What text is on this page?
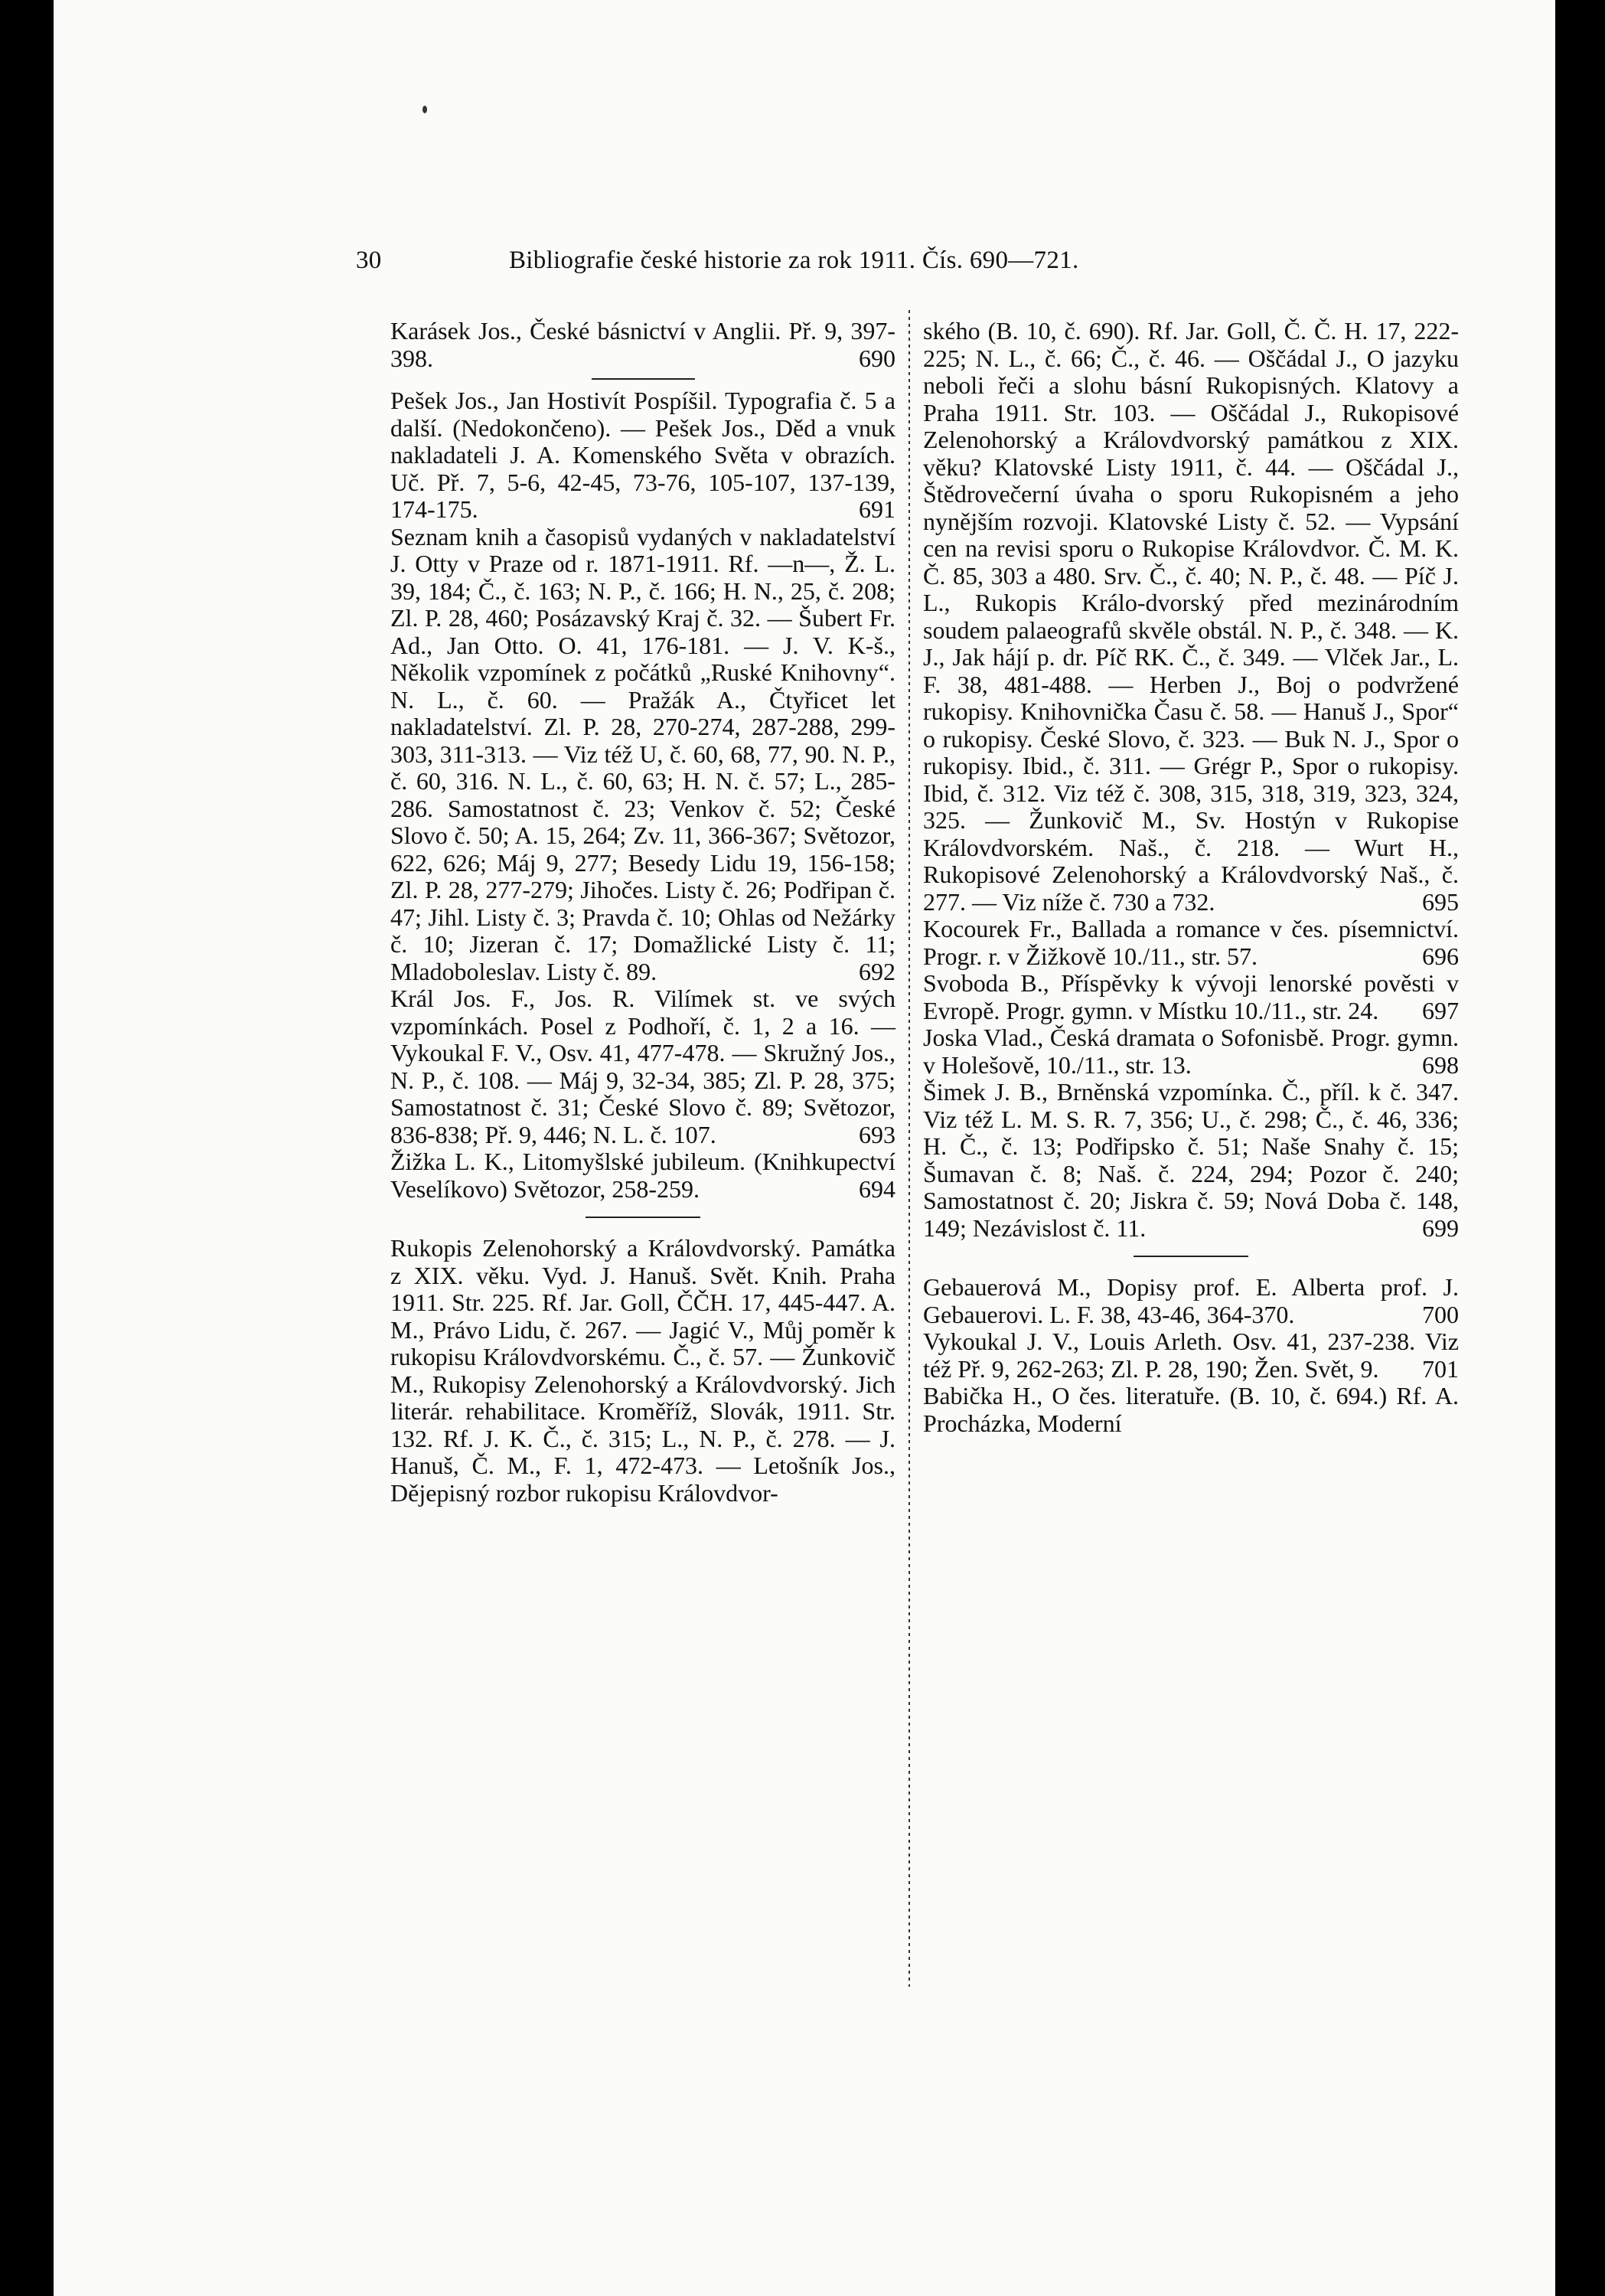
30	Bibliografie české historie za rok 1911. Čís. 690—721.

Karásek Jos., České básnictví v Anglii. Př. 9, 397-398.	690

Pešek Jos., Jan Hostivít Pospíšil. Typografia č. 5 a další. (Nedokončeno). — Pešek Jos., Děd a vnuk nakladateli J. A. Komenského Světa v obrazích. Uč. Př. 7, 5-6, 42-45, 73-76, 105-107, 137-139, 174-175.	691

Seznam knih a časopisů vydaných v nakladatelství J. Otty v Praze od r. 1871-1911. Rf. —n—, Ž. L. 39, 184; Č., č. 163; N. P., č. 166; H. N., 25, č. 208; Zl. P. 28, 460; Posázavský Kraj č. 32. — Šubert Fr. Ad., Jan Otto. O. 41, 176-181. — J. V. K-š., Několik vzpomínek z počátků „Ruské Knihovny“. N. L., č. 60. — Pražák A., Čtyřicet let nakladatelství. Zl. P. 28, 270-274, 287-288, 299-303, 311-313. — Viz též U, č. 60, 68, 77, 90. N. P., č. 60, 316. N. L., č. 60, 63; H. N. č. 57; L., 285-286. Samostatnost č. 23; Venkov č. 52; České Slovo č. 50; A. 15, 264; Zv. 11, 366-367; Světozor, 622, 626; Máj 9, 277; Besedy Lidu 19, 156-158; Zl. P. 28, 277-279; Jihočes. Listy č. 26; Podřipan č. 47; Jihl. Listy č. 3; Pravda č. 10; Ohlas od Nežárky č. 10; Jizeran č. 17; Domažlické Listy č. 11; Mladoboleslav. Listy č. 89.	692

Král Jos. F., Jos. R. Vilímek st. ve svých vzpomínkách. Posel z Podhoří, č. 1, 2 a 16. — Vykoukal F. V., Osv. 41, 477-478. — Skružný Jos., N. P., č. 108. — Máj 9, 32-34, 385; Zl. P. 28, 375; Samostatnost č. 31; České Slovo č. 89; Světozor, 836-838; Př. 9, 446; N. L. č. 107.	693

Žižka L. K., Litomyšlské jubileum. (Knihkupectví Veselíkovo) Světozor, 258-259.	694

Rukopis Zelenohorský a Královdvorský. Památka z XIX. věku. Vyd. J. Hanuš. Svět. Knih. Praha 1911. Str. 225. Rf. Jar. Goll, ČČH. 17, 445-447. A. M., Právo Lidu, č. 267. — Jagić V., Můj poměr k rukopisu Královdvorskému. Č., č. 57. — Žunkovič M., Rukopisy Zelenohorský a Královdvorský. Jich literár. rehabilitace. Kroměříž, Slovák, 1911. Str. 132. Rf. J. K. Č., č. 315; L., N. P., č. 278. — J. Hanuš, Č. M., F. 1, 472-473. — Letošník Jos., Dějepisný rozbor rukopisu Královdvor-

ského (B. 10, č. 690). Rf. Jar. Goll, Č. Č. H. 17, 222-225; N. L., č. 66; Č., č. 46. — Oščádal J., O jazyku neboli řeči a slohu básní Rukopisných. Klatovy a Praha 1911. Str. 103. — Oščádal J., Rukopisové Zelenohorský a Královdvorský památkou z XIX. věku? Klatovské Listy 1911, č. 44. — Oščádal J., Štědrovečerní úvaha o sporu Rukopisném a jeho nynějším rozvoji. Klatovské Listy č. 52. — Vypsání cen na revisi sporu o Rukopise Královdvor. Č. M. K. Č. 85, 303 a 480. Srv. Č., č. 40; N. P., č. 48. — Píč J. L., Rukopis Králo-dvorský před mezinárodním soudem palaeografů skvěle obstál. N. P., č. 348. — K. J., Jak hájí p. dr. Píč RK. Č., č. 349. — Vlček Jar., L. F. 38, 481-488. — Herben J., Boj o podvržené rukopisy. Knihovnička Času č. 58. — Hanuš J., Spor“ o rukopisy. České Slovo, č. 323. — Buk N. J., Spor o rukopisy. Ibid., č. 311. — Grégr P., Spor o rukopisy. Ibid, č. 312. Viz též č. 308, 315, 318, 319, 323, 324, 325. — Žunkovič M., Sv. Hostýn v Rukopise Královdvorském. Naš., č. 218. — Wurt H., Rukopisové Zelenohorský a Královdvorský Naš., č. 277. — Viz níže č. 730 a 732.	695

Kocourek Fr., Ballada a romance v čes. písemnictví. Progr. r. v Žižkově 10./11., str. 57.	696

Svoboda B., Příspěvky k vývoji lenorské pověsti v Evropě. Progr. gymn. v Místku 10./11., str. 24. 697

Joska Vlad., Česká dramata o Sofonisbě. Progr. gymn. v Holešově, 10./11., str. 13.	698

Šimek J. B., Brněnská vzpomínka. Č., příl. k č. 347. Viz též L. M. S. R. 7, 356; U., č. 298; Č., č. 46, 336; H. Č., č. 13; Podřipsko č. 51; Naše Snahy č. 15; Šumavan č. 8; Naš. č. 224, 294; Pozor č. 240; Samostatnost č. 20; Jiskra č. 59; Nová Doba č. 148, 149; Nezávislost č. 11.	699

Gebauerová M., Dopisy prof. E. Alberta prof. J. Gebauerovi. L. F. 38, 43-46, 364-370.	700

Vykoukal J. V., Louis Arleth. Osv. 41, 237-238. Viz též Př. 9, 262-263; Zl. P. 28, 190; Žen. Svět, 9. 701

Babička H., O čes. literatuře. (B. 10, č. 694.) Rf. A. Procházka, Moderní
